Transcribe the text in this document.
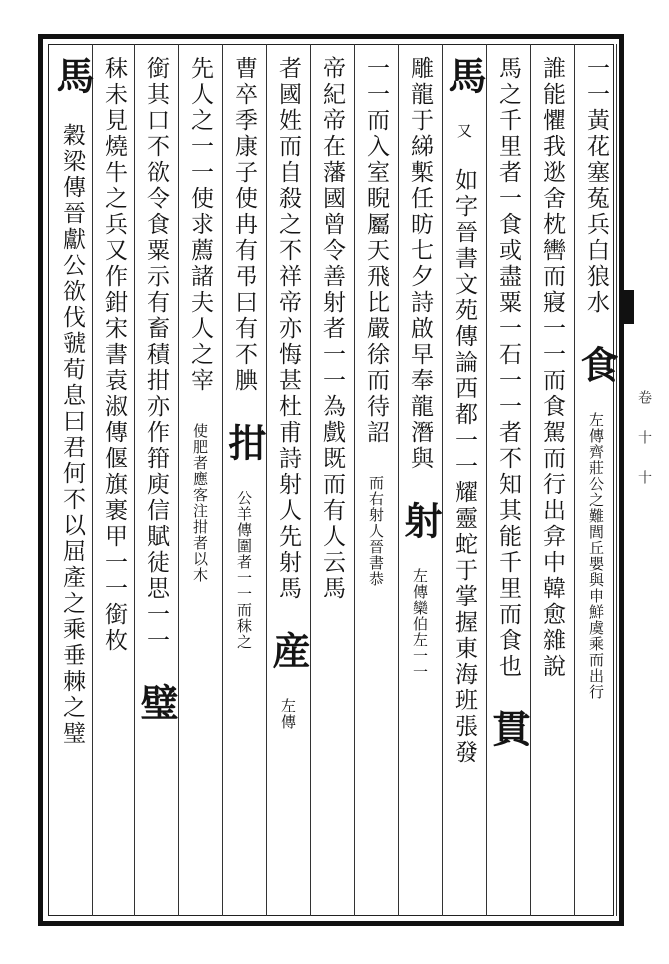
卷
十
十
一一黃花塞菟兵白狼水 食 左傳齊莊公之難閭丘嬰與申鮮虞乘而出行
誰能懼我逖舍枕轡而寢一一而食駕而行出弇中韓愈雜說
馬之千里者一食或盡粟一石一一者不知其能千里而食也 貫
馬 又 如字晉書文苑傳論西都一一耀靈蛇于掌握東海班張發
雕龍于綈槧任昉七夕詩啟早奉龍潛與 射 左傳欒伯左一一
一一而入室睨屬天飛比嚴徐而待詔 而右射人晉書恭
帝紀帝在藩國曾令善射者一一為戲既而有人云馬
者國姓而自殺之不祥帝亦悔甚杜甫詩射人先射馬 産 左傳
曹卒季康子使冉有弔曰有不腆 拑 公羊傳圍者一一而秣之
先人之一一使求薦諸夫人之宰 使肥者應客注拑者以木
銜其口不欲令食粟示有畜積拑亦作箝庾信賦徒思一一 璧
秣未見燒牛之兵又作鉗宋書袁淑傳偃旗裹甲一一銜枚
馬 穀梁傳晉獻公欲伐虢荀息曰君何不以屈產之乘垂棘之璧
